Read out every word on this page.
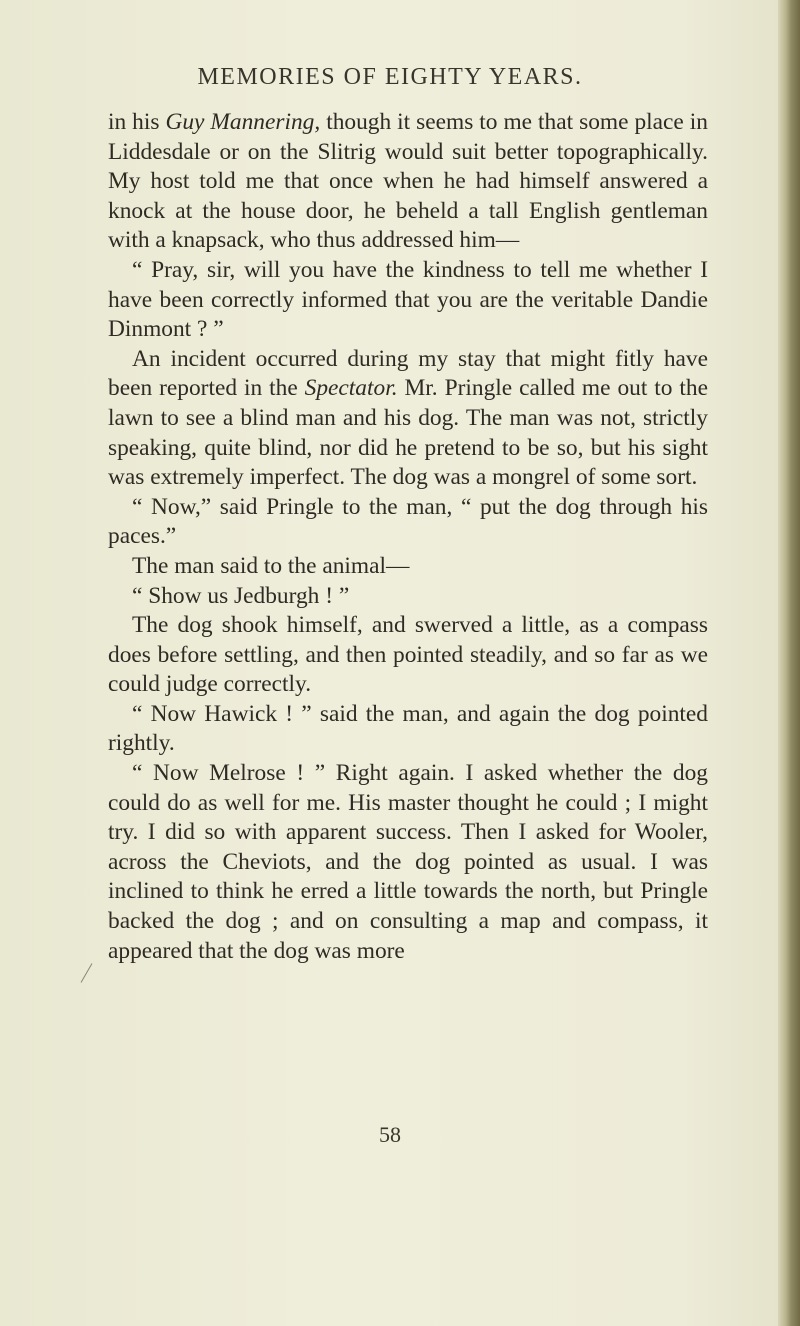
MEMORIES OF EIGHTY YEARS.

in his Guy Mannering, though it seems to me that some place in Liddesdale or on the Slitrig would suit better topographically. My host told me that once when he had himself answered a knock at the house door, he beheld a tall English gentleman with a knapsack, who thus addressed him—

“ Pray, sir, will you have the kindness to tell me whether I have been correctly informed that you are the veritable Dandie Dinmont ? ”

An incident occurred during my stay that might fitly have been reported in the Spectator. Mr. Pringle called me out to the lawn to see a blind man and his dog. The man was not, strictly speaking, quite blind, nor did he pretend to be so, but his sight was extremely imperfect. The dog was a mongrel of some sort.

“ Now,” said Pringle to the man, “ put the dog through his paces.”

The man said to the animal—

“ Show us Jedburgh ! ”

The dog shook himself, and swerved a little, as a compass does before settling, and then pointed steadily, and so far as we could judge correctly.

“ Now Hawick ! ” said the man, and again the dog pointed rightly.

“ Now Melrose ! ” Right again. I asked whether the dog could do as well for me. His master thought he could ; I might try. I did so with apparent success. Then I asked for Wooler, across the Cheviots, and the dog pointed as usual. I was inclined to think he erred a little towards the north, but Pringle backed the dog ; and on consulting a map and compass, it appeared that the dog was more

58
